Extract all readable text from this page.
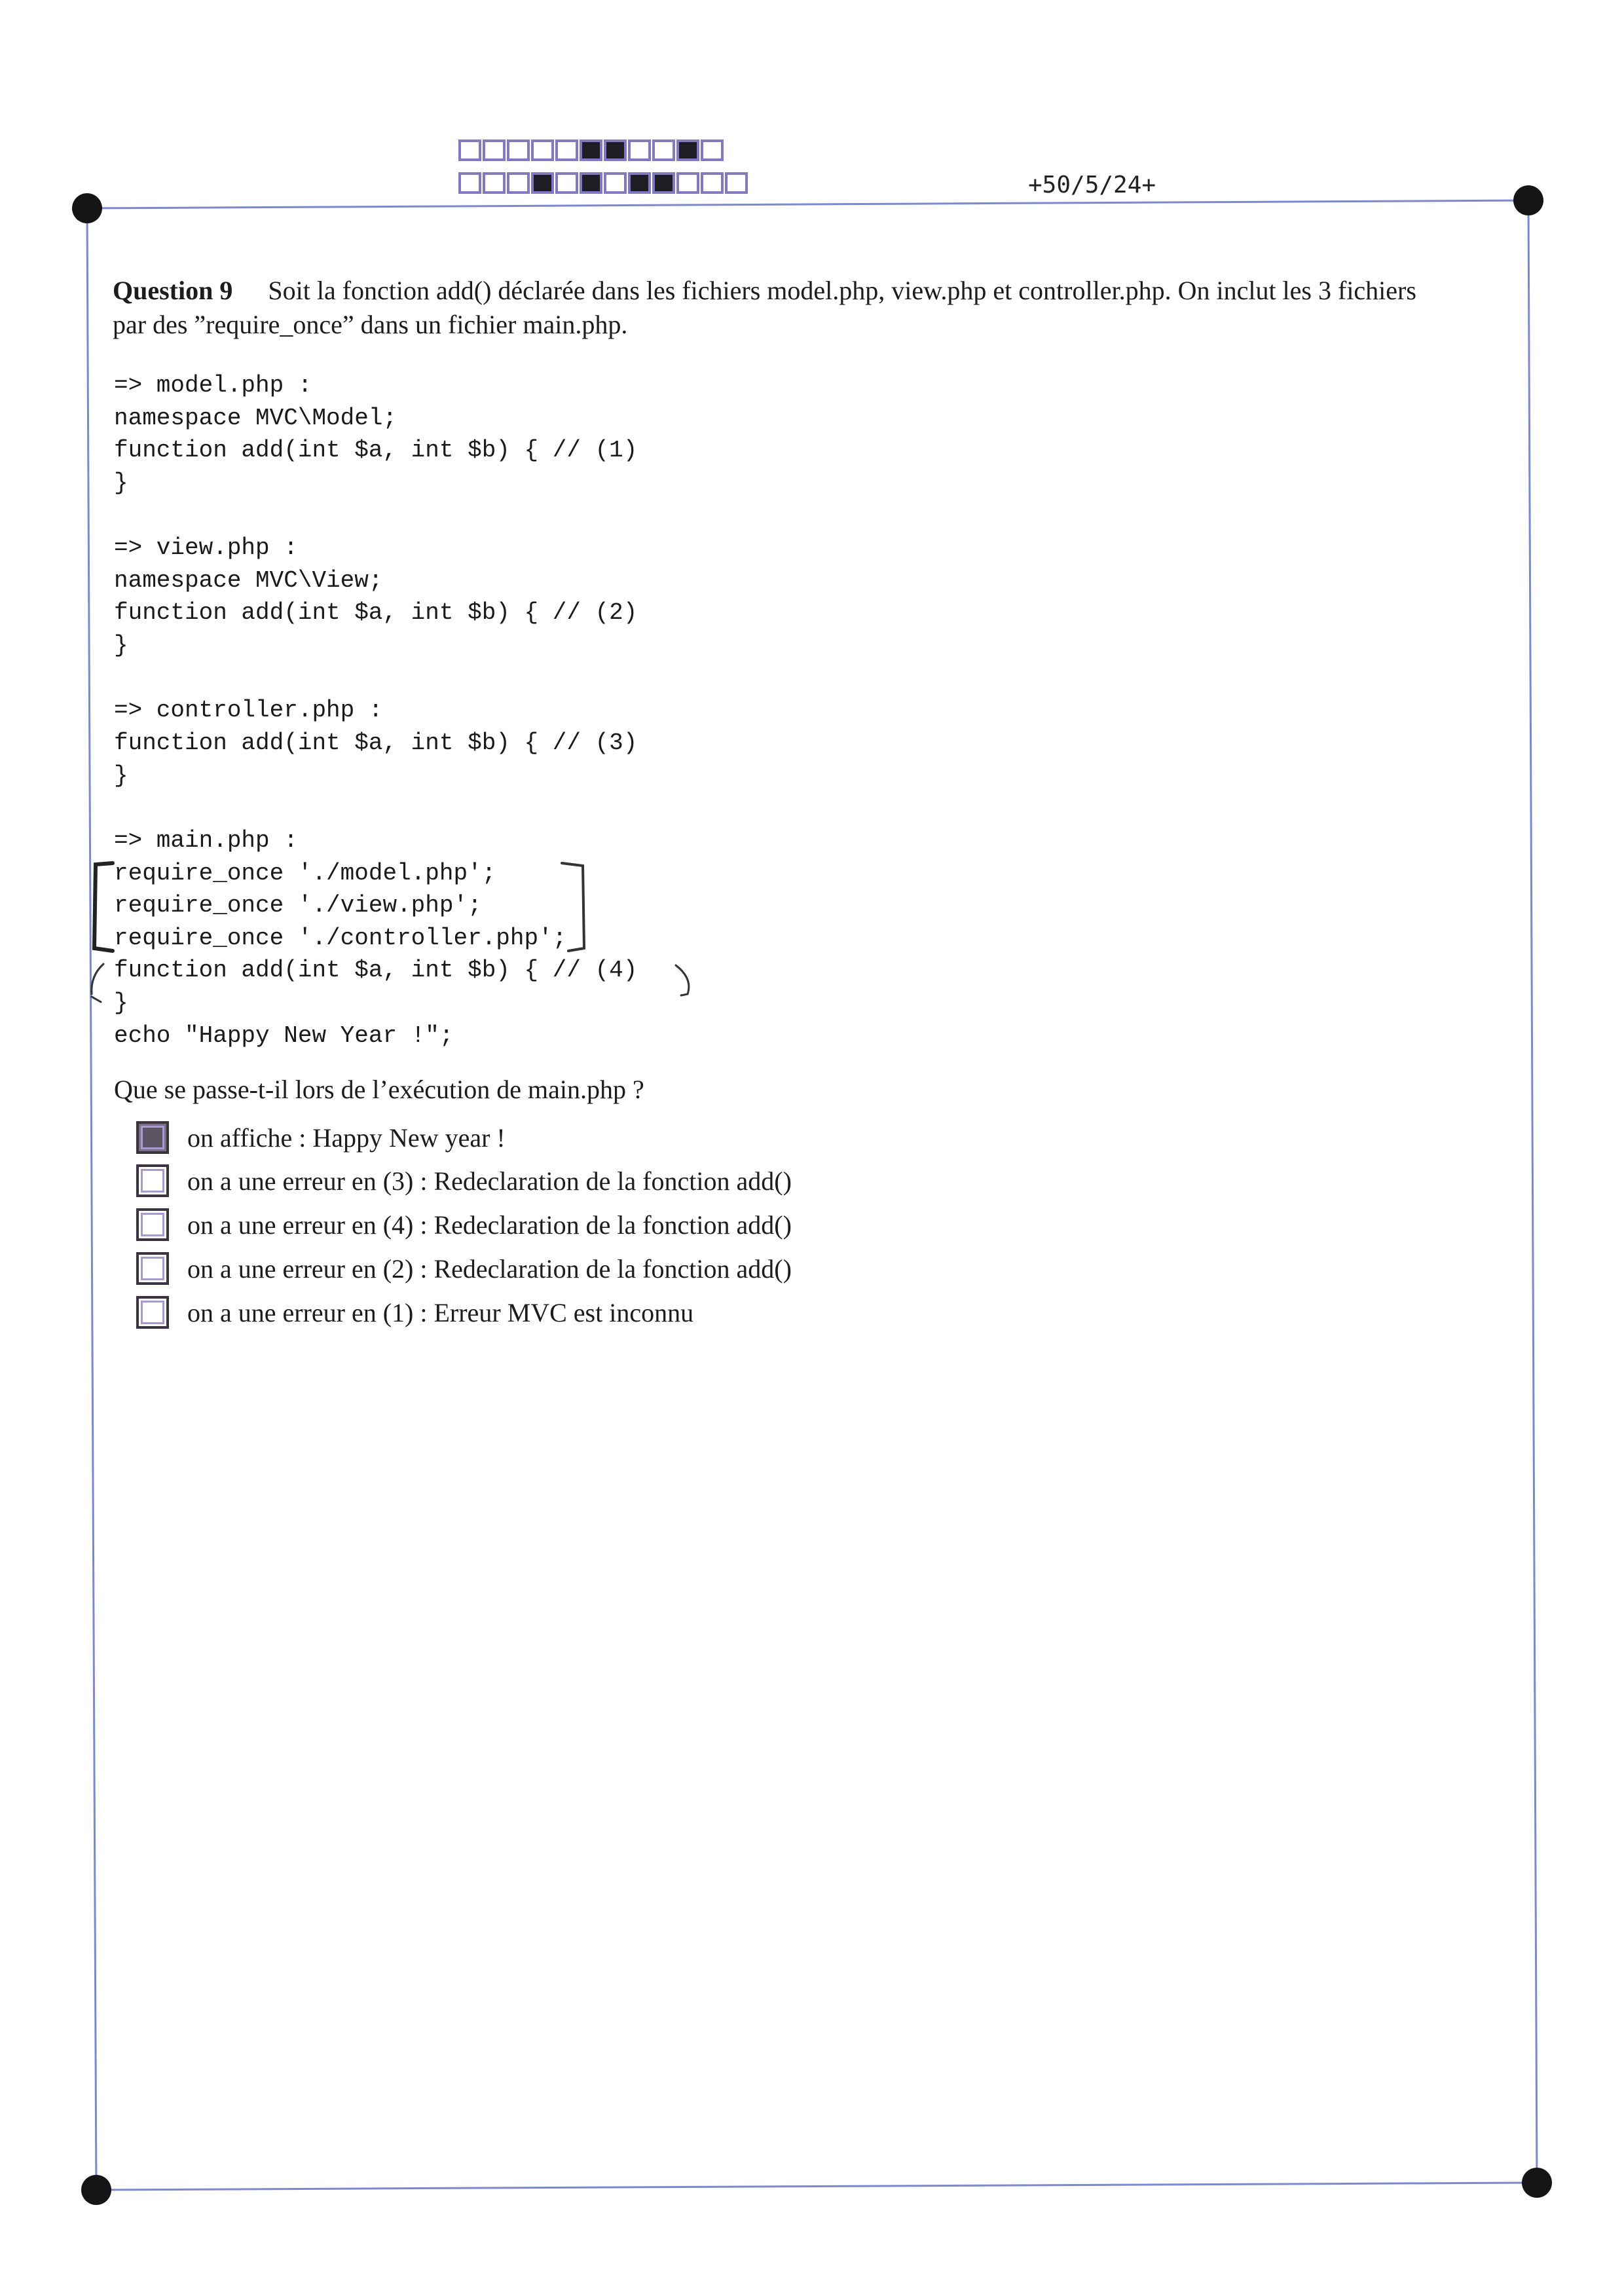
+50/5/24+
Question 9 Soit la fonction add() déclarée dans les fichiers model.php, view.php et controller.php. On inclut les 3 fichiers
par des ”require_once” dans un fichier main.php.
=> model.php :
namespace MVC\Model;
function add(int $a, int $b) { // (1)
}
=> view.php :
namespace MVC\View;
function add(int $a, int $b) { // (2)
}
=> controller.php :
function add(int $a, int $b) { // (3)
}
=> main.php :
require_once './model.php';
require_once './view.php';
require_once './controller.php';
function add(int $a, int $b) { // (4)
}
echo "Happy New Year !";
Que se passe-t-il lors de l’exécution de main.php ?
on affiche : Happy New year !
on a une erreur en (3) : Redeclaration de la fonction add()
on a une erreur en (4) : Redeclaration de la fonction add()
on a une erreur en (2) : Redeclaration de la fonction add()
on a une erreur en (1) : Erreur MVC est inconnu
